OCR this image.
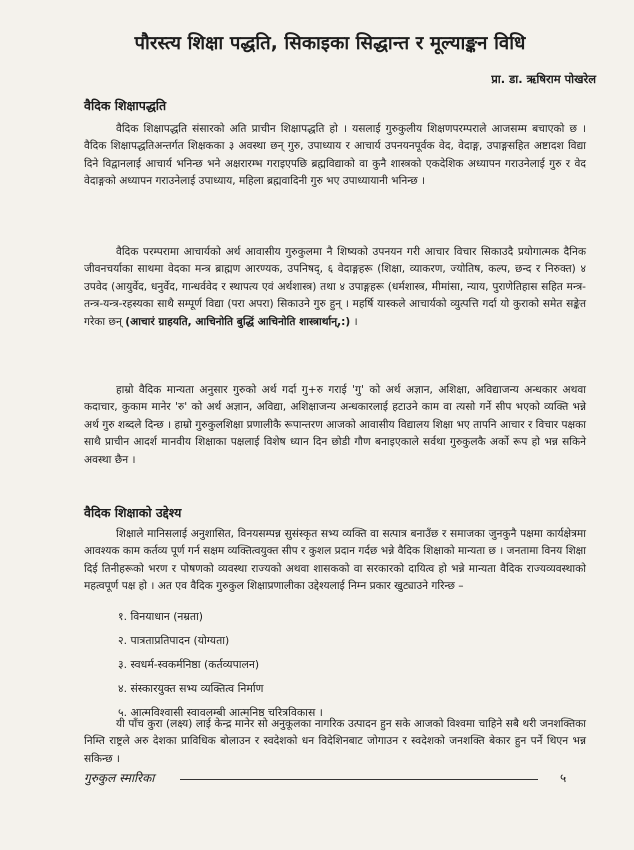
पौरस्त्य शिक्षा पद्धति, सिकाइका सिद्धान्त र मूल्याङ्कन विधि
प्रा. डा. ऋषिराम पोखरेल
वैदिक शिक्षापद्धति

वैदिक शिक्षापद्धति संसारको अति प्राचीन शिक्षापद्धति हो । यसलाई गुरुकुलीय शिक्षणपरम्पराले आजसम्म बचाएको छ । वैदिक शिक्षापद्धतिअन्तर्गत शिक्षकका ३ अवस्था छन् गुरु, उपाध्याय र आचार्य उपनयनपूर्वक वेद, वेदाङ्ग, उपाङ्गसहित अष्टादश विद्या दिने विद्वानलाई आचार्य भनिन्छ भने अक्षरारम्भ गराइएपछि ब्रह्मविद्याको वा कुनै शास्त्रको एकदेशिक अध्यापन गराउनेलाई गुरु र वेद वेदाङ्गको अध्यापन गराउनेलाई उपाध्याय, महिला ब्रह्मवादिनी गुरु भए उपाध्यायानी भनिन्छ ।

वैदिक परम्परामा आचार्यको अर्थ आवासीय गुरुकुलमा नै शिष्यको उपनयन गरी आचार विचार सिकाउदै प्रयोगात्मक दैनिक जीवनचर्याका साथमा वेदका मन्त्र ब्राह्मण आरण्यक, उपनिषद्, ६ वेदाङ्गहरू (शिक्षा, व्याकरण, ज्योतिष, कल्प, छन्द र निरुक्त) ४ उपवेद (आयुर्वेद, धनुर्वेद, गान्धर्ववेद र स्थापत्य एवं अर्थशास्त्र) तथा ४ उपाङ्गहरू (धर्मशास्त्र, मीमांसा, न्याय, पुराणेतिहास सहित मन्त्र-तन्त्र-यन्त्र-रहस्यका साथै सम्पूर्ण विद्या (परा अपरा) सिकाउने गुरु हुन् । महर्षि यास्कले आचार्यको व्युत्पत्ति गर्दा यो कुराको समेत सङ्केत गरेका छन् (आचारं ग्राहयति, आचिनोति बुद्धिं आचिनोति शास्त्रार्थान्,:) ।

हाम्रो वैदिक मान्यता अनुसार गुरुको अर्थ गर्दा गु+रु गराई 'गु' को अर्थ अज्ञान, अशिक्षा, अविद्याजन्य अन्धकार अथवा कदाचार, कुकाम मानेर 'रु' को अर्थ अज्ञान, अविद्या, अशिक्षाजन्य अन्धकारलाई हटाउने काम वा त्यसो गर्ने सीप भएको व्यक्ति भन्ने अर्थ गुरु शब्दले दिन्छ । हाम्रो गुरुकुलशिक्षा प्रणालीकै रूपान्तरण आजको आवासीय विद्यालय शिक्षा भए तापनि आचार र विचार पक्षका साथै प्राचीन आदर्श मानवीय शिक्षाका पक्षलाई विशेष ध्यान दिन छोडी गौण बनाइएकाले सर्वथा गुरुकुलकै अर्को रूप हो भन्न सकिने अवस्था छैन ।

वैदिक शिक्षाको उद्देश्य

शिक्षाले मानिसलाई अनुशासित, विनयसम्पन्न सुसंस्कृत सभ्य व्यक्ति वा सत्पात्र बनाउँछ र समाजका जुनकुनै पक्षमा कार्यक्षेत्रमा आवश्यक काम कर्तव्य पूर्ण गर्न सक्षम व्यक्तित्वयुक्त सीप र कुशल प्रदान गर्दछ भन्ने वैदिक शिक्षाको मान्यता छ । जनतामा विनय शिक्षा दिई तिनीहरूको भरण र पोषणको व्यवस्था राज्यको अथवा शासकको वा सरकारको दायित्व हो भन्ने मान्यता वैदिक राज्यव्यवस्थाको महत्वपूर्ण पक्ष हो । अत एव वैदिक गुरुकुल शिक्षाप्रणालीका उद्देश्यलाई निम्न प्रकार खुट्याउने गरिन्छ –

१. विनयाधान (नम्रता)
२. पात्रताप्रतिपादन (योग्यता)
३. स्वधर्म-स्वकर्मनिष्ठा (कर्तव्यपालन)
४. संस्कारयुक्त सभ्य व्यक्तित्व निर्माण
५. आत्मविश्वासी स्वावलम्बी आत्मनिष्ठ चरित्रविकास ।

यी पाँच कुरा (लक्ष्य) लाई केन्द्र मानेर सो अनुकूलका नागरिक उत्पादन हुन सके आजको विश्वमा चाहिने सबै थरी जनशक्तिका निम्ति राष्ट्रले अरु देशका प्राविधिक बोलाउन र स्वदेशको धन विदेशिनबाट जोगाउन र स्वदेशको जनशक्ति बेकार हुन पर्ने थिएन भन्न सकिन्छ ।

गुरुकुल स्मारिका	५
